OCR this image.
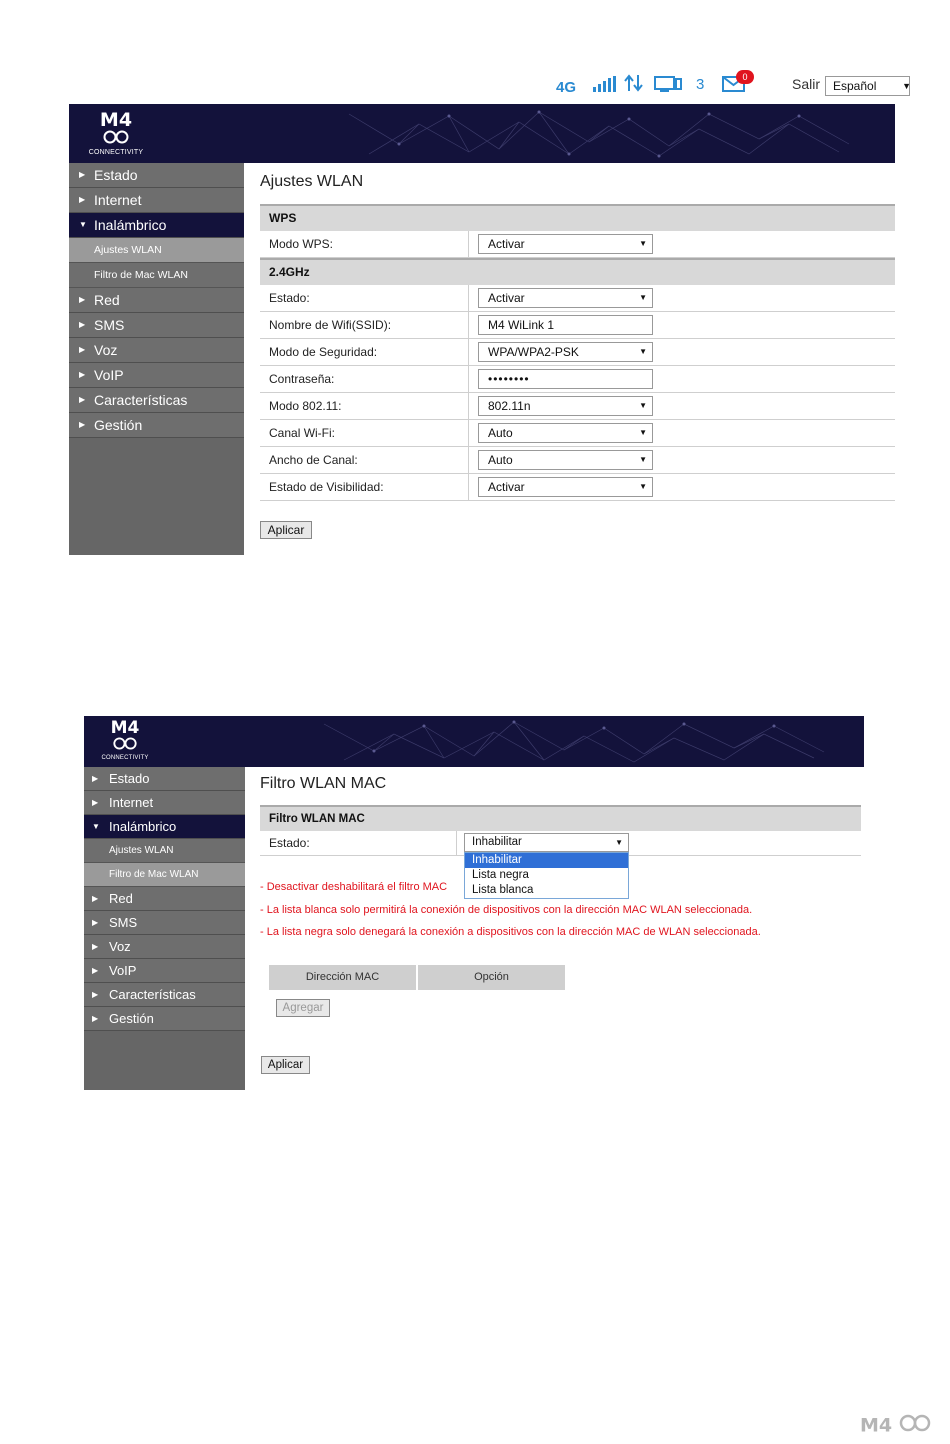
4G	3	0	Salir	Español	▼
M4
CONNECTIVITY
▶ Estado
▶ Internet
▼ Inalámbrico
Ajustes WLAN
Filtro de Mac WLAN
▶ Red
▶ SMS
▶ Voz
▶ VoIP
▶ Características
▶ Gestión
Ajustes WLAN
WPS
Modo WPS:	Activar	▼
2.4GHz
Estado:	Activar	▼
Nombre de Wifi(SSID):	M4 WiLink 1
Modo de Seguridad:	WPA/WPA2-PSK	▼
Contraseña:	••••••••
Modo 802.11:	802.11n	▼
Canal Wi-Fi:	Auto	▼
Ancho de Canal:	Auto	▼
Estado de Visibilidad:	Activar	▼
Aplicar
M4
CONNECTIVITY
▶ Estado
▶ Internet
▼ Inalámbrico
Ajustes WLAN
Filtro de Mac WLAN
▶ Red
▶ SMS
▶ Voz
▶ VoIP
▶ Características
▶ Gestión
Filtro WLAN MAC
Filtro WLAN MAC
Estado:	Inhabilitar	▼
Inhabilitar
Lista negra
Lista blanca
- Desactivar deshabilitará el filtro MAC
- La lista blanca solo permitirá la conexión de dispositivos con la dirección MAC WLAN seleccionada.
- La lista negra solo denegará la conexión a dispositivos con la dirección MAC de WLAN seleccionada.
Dirección MAC	Opción
Agregar
Aplicar
M4
